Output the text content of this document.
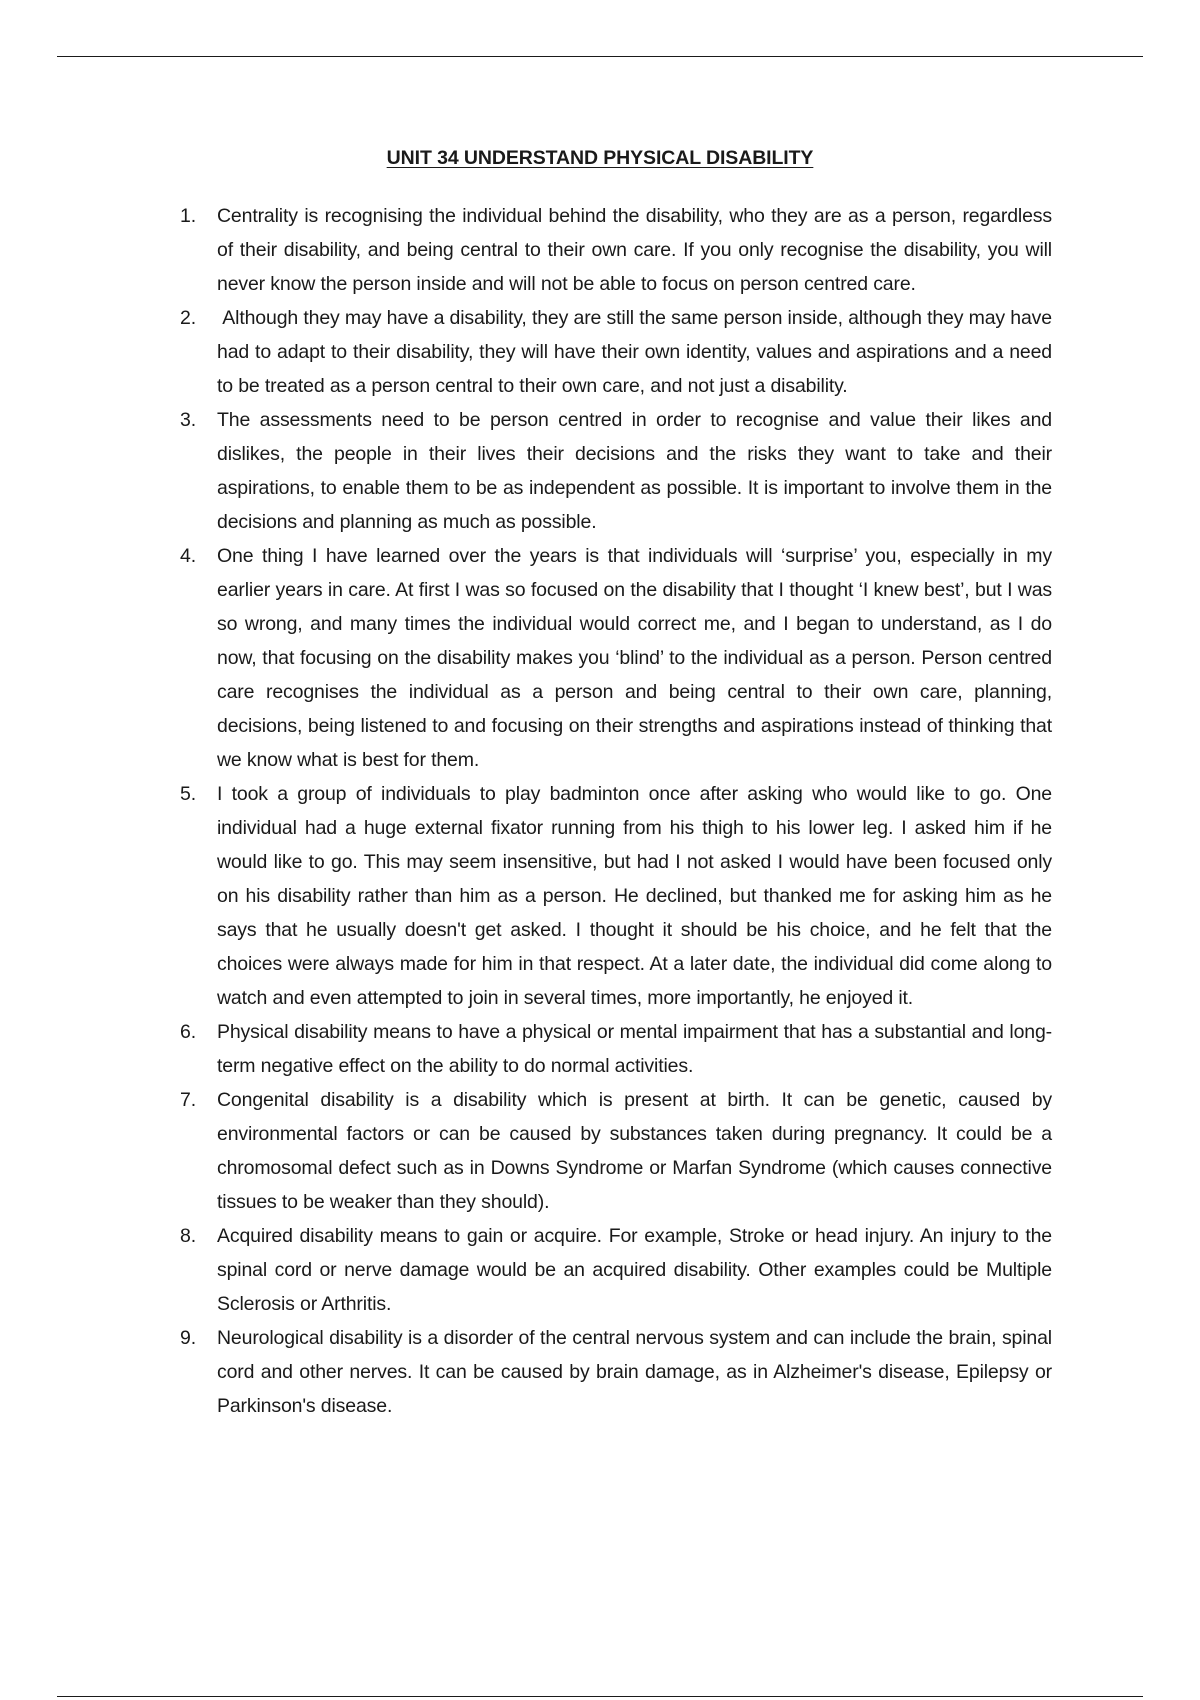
UNIT 34 UNDERSTAND PHYSICAL DISABILITY
1.	Centrality is recognising the individual behind the disability, who they are as a person, regardless of their disability, and being central to their own care. If you only recognise the disability, you will never know the person inside and will not be able to focus on person centred care.
2.	Although they may have a disability, they are still the same person inside, although they may have had to adapt to their disability, they will have their own identity, values and aspirations and a need to be treated as a person central to their own care, and not just a disability.
3.	The assessments need to be person centred in order to recognise and value their likes and dislikes, the people in their lives their decisions and the risks they want to take and their aspirations, to enable them to be as independent as possible. It is important to involve them in the decisions and planning as much as possible.
4.	One thing I have learned over the years is that individuals will ‘surprise’ you, especially in my earlier years in care. At first I was so focused on the disability that I thought ‘I knew best’, but I was so wrong, and many times the individual would correct me, and I began to understand, as I do now, that focusing on the disability makes you ‘blind’ to the individual as a person. Person centred care recognises the individual as a person and being central to their own care, planning, decisions, being listened to and focusing on their strengths and aspirations instead of thinking that we know what is best for them.
5.	I took a group of individuals to play badminton once after asking who would like to go. One individual had a huge external fixator running from his thigh to his lower leg. I asked him if he would like to go. This may seem insensitive, but had I not asked I would have been focused only on his disability rather than him as a person. He declined, but thanked me for asking him as he says that he usually doesn't get asked. I thought it should be his choice, and he felt that the choices were always made for him in that respect. At a later date, the individual did come along to watch and even attempted to join in several times, more importantly, he enjoyed it.
6.	Physical disability means to have a physical or mental impairment that has a substantial and long-term negative effect on the ability to do normal activities.
7.	Congenital disability is a disability which is present at birth. It can be genetic, caused by environmental factors or can be caused by substances taken during pregnancy. It could be a chromosomal defect such as in Downs Syndrome or Marfan Syndrome (which causes connective tissues to be weaker than they should).
8.	Acquired disability means to gain or acquire. For example, Stroke or head injury. An injury to the spinal cord or nerve damage would be an acquired disability. Other examples could be Multiple Sclerosis or Arthritis.
9.	Neurological disability is a disorder of the central nervous system and can include the brain, spinal cord and other nerves. It can be caused by brain damage, as in Alzheimer's disease, Epilepsy or Parkinson's disease.
